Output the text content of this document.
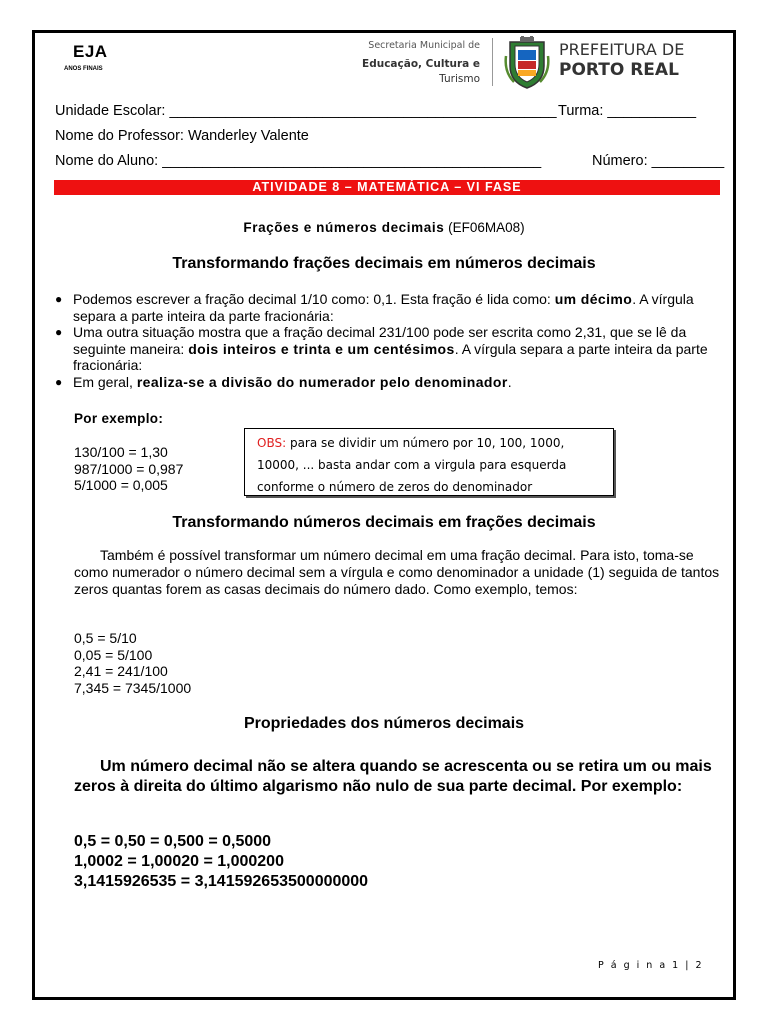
EJA
ANOS FINAIS
Secretaria Municipal de
Educação, Cultura e
Turismo
PREFEITURA DE
PORTO REAL
Unidade Escolar: ________________________________________________ Turma: ___________
Nome do Professor: Wanderley Valente
Nome do Aluno: _______________________________________________	Número: _________
ATIVIDADE 8 – MATEMÁTICA – VI FASE
Frações e números decimais (EF06MA08)
Transformando frações decimais em números decimais
● Podemos escrever a fração decimal 1/10 como: 0,1. Esta fração é lida como: um décimo. A vírgula separa a parte inteira da parte fracionária:
● Uma outra situação mostra que a fração decimal 231/100 pode ser escrita como 2,31, que se lê da seguinte maneira: dois inteiros e trinta e um centésimos. A vírgula separa a parte inteira da parte fracionária:
● Em geral, realiza-se a divisão do numerador pelo denominador.
Por exemplo:
130/100 = 1,30
987/1000 = 0,987
5/1000 = 0,005
OBS: para se dividir um número por 10, 100, 1000,
10000, ... basta andar com a virgula para esquerda
conforme o número de zeros do denominador
Transformando números decimais em frações decimais
Também é possível transformar um número decimal em uma fração decimal. Para isto, toma-se como numerador o número decimal sem a vírgula e como denominador a unidade (1) seguida de tantos zeros quantas forem as casas decimais do número dado. Como exemplo, temos:
0,5 = 5/10
0,05 = 5/100
2,41 = 241/100
7,345 = 7345/1000
Propriedades dos números decimais
Um número decimal não se altera quando se acrescenta ou se retira um ou mais zeros à direita do último algarismo não nulo de sua parte decimal. Por exemplo:
0,5 = 0,50 = 0,500 = 0,5000
1,0002 = 1,00020 = 1,000200
3,1415926535 = 3,141592653500000000
P á g i n a 1 | 2
